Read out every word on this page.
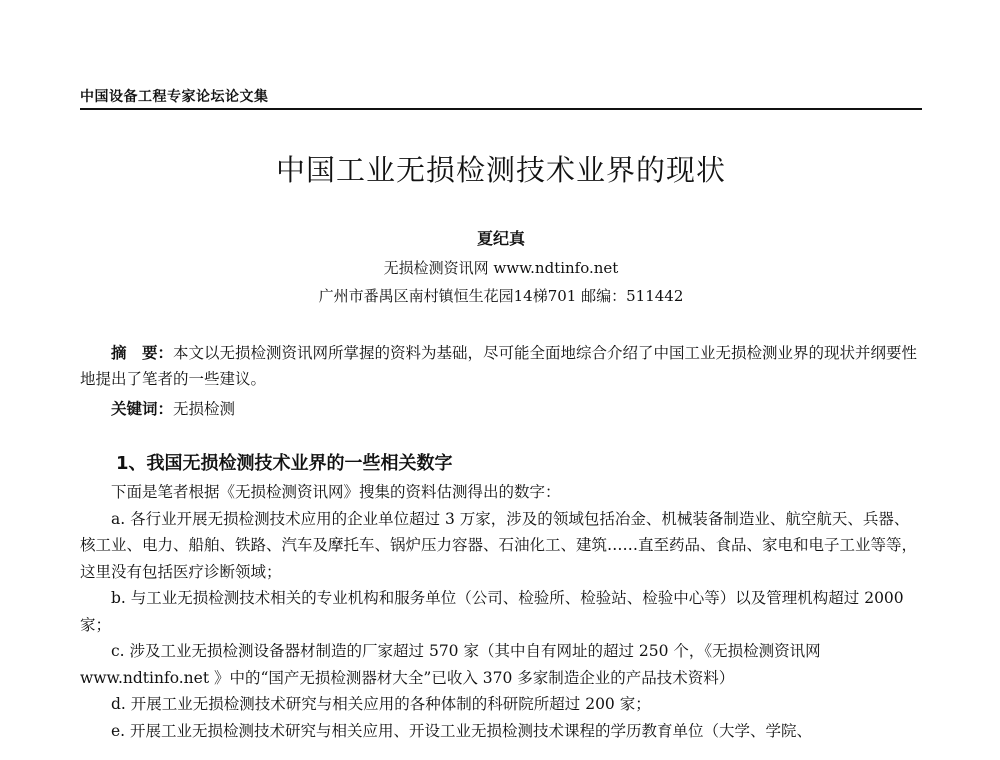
中国设备工程专家论坛论文集
中国工业无损检测技术业界的现状
夏纪真
无损检测资讯网 www.ndtinfo.net
广州市番禺区南村镇恒生花园14梯701 邮编：511442
摘　要：本文以无损检测资讯网所掌握的资料为基础，尽可能全面地综合介绍了中国工业无损检测业界的现状并纲要性地提出了笔者的一些建议。
关键词：无损检测
1、我国无损检测技术业界的一些相关数字

下面是笔者根据《无损检测资讯网》搜集的资料估测得出的数字：

a. 各行业开展无损检测技术应用的企业单位超过 3 万家，涉及的领域包括冶金、机械装备制造业、航空航天、兵器、核工业、电力、船舶、铁路、汽车及摩托车、锅炉压力容器、石油化工、建筑……直至药品、食品、家电和电子工业等等，这里没有包括医疗诊断领域；

b. 与工业无损检测技术相关的专业机构和服务单位（公司、检验所、检验站、检验中心等）以及管理机构超过 2000 家；

c. 涉及工业无损检测设备器材制造的厂家超过 570 家（其中自有网址的超过 250 个，《无损检测资讯网 www.ndtinfo.net 》中的“国产无损检测器材大全”已收入 370 多家制造企业的产品技术资料）

d. 开展工业无损检测技术研究与相关应用的各种体制的科研院所超过 200 家；

e. 开展工业无损检测技术研究与相关应用、开设工业无损检测技术课程的学历教育单位（大学、学院、
